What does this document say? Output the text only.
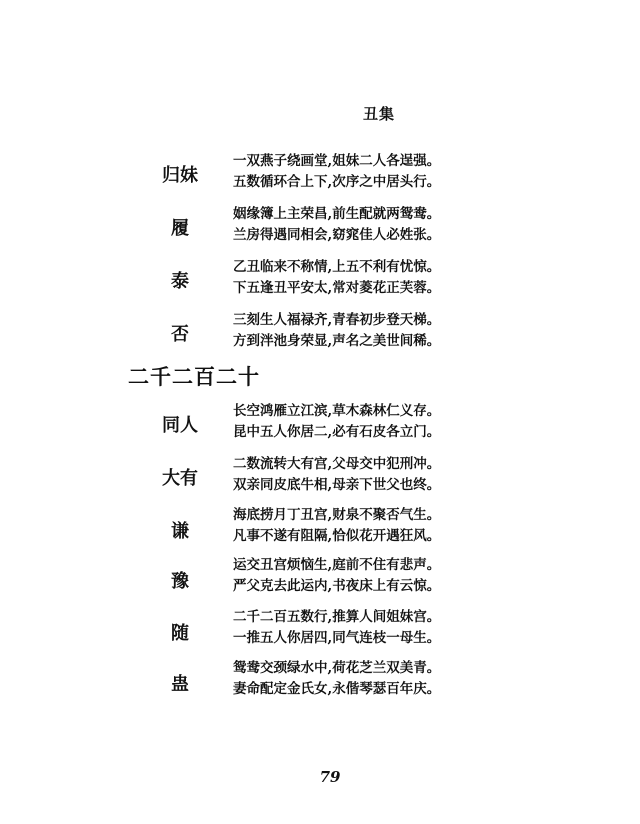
丑集
归妹
一双燕子绕画堂,姐妹二人各逞强。
五数循环合上下,次序之中居头行。
履
姻缘簿上主荣昌,前生配就两鸳鸯。
兰房得遇同相会,窈窕佳人必姓张。
泰
乙丑临来不称情,上五不利有忧惊。
下五逢丑平安太,常对菱花正芙蓉。
否
三刻生人福禄齐,青春初步登天梯。
方到泮池身荣显,声名之美世间稀。
二千二百二十
同人
长空鸿雁立江滨,草木森林仁义存。
昆中五人你居二,必有石皮各立门。
大有
二数流转大有宫,父母交中犯刑冲。
双亲同皮底牛相,母亲下世父也终。
谦
海底捞月丁丑宫,财泉不聚否气生。
凡事不遂有阻隔,恰似花开遇狂风。
豫
运交丑宫烦恼生,庭前不住有悲声。
严父克去此运内,书夜床上有云惊。
随
二千二百五数行,推算人间姐妹宫。
一推五人你居四,同气连枝一母生。
蛊
鸳鸯交颈绿水中,荷花芝兰双美青。
妻命配定金氏女,永偕琴瑟百年庆。
79
